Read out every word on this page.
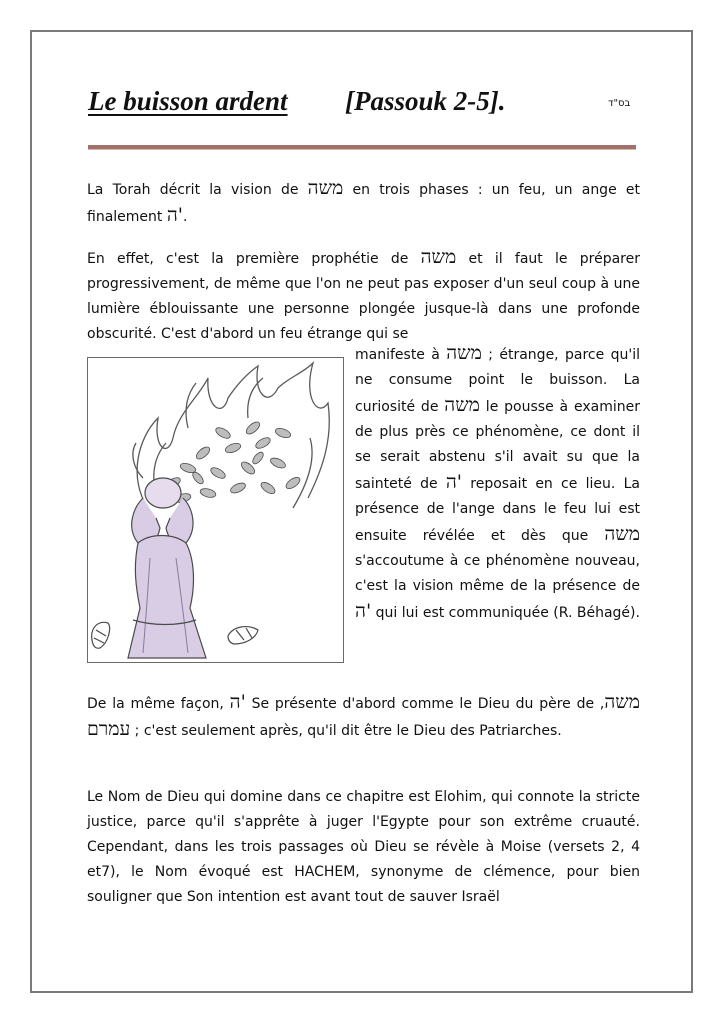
Le buisson ardent [Passouk 2-5].	בס"ד
La Torah décrit la vision de משה en trois phases : un feu, un ange et finalement ה'.
En effet, c'est la première prophétie de משה et il faut le préparer progressivement, de même que l'on ne peut pas exposer d'un seul coup à une lumière éblouissante une personne plongée jusque-là dans une profonde obscurité. C'est d'abord un feu étrange qui se
manifeste à משה ; étrange, parce qu'il ne consume point le buisson. La curiosité de משה le pousse à examiner de plus près ce phénomène, ce dont il se serait abstenu s'il avait su que la sainteté de ה' reposait en ce lieu. La présence de l'ange dans le feu lui est ensuite révélée et dès que משה s'accoutume à ce phénomène nouveau, c'est la vision même de la présence de ה' qui lui est communiquée (R. Béhagé).
De la même façon, ה' Se présente d'abord comme le Dieu du père de משה, עמרם ; c'est seulement après, qu'il dit être le Dieu des Patriarches.
Le Nom de Dieu qui domine dans ce chapitre est Elohim, qui connote la stricte justice, parce qu'il s'apprête à juger l'Egypte pour son extrême cruauté. Cependant, dans les trois passages où Dieu se révèle à Moise (versets 2, 4 et7), le Nom évoqué est HACHEM, synonyme de clémence, pour bien souligner que Son intention est avant tout de sauver Israël
